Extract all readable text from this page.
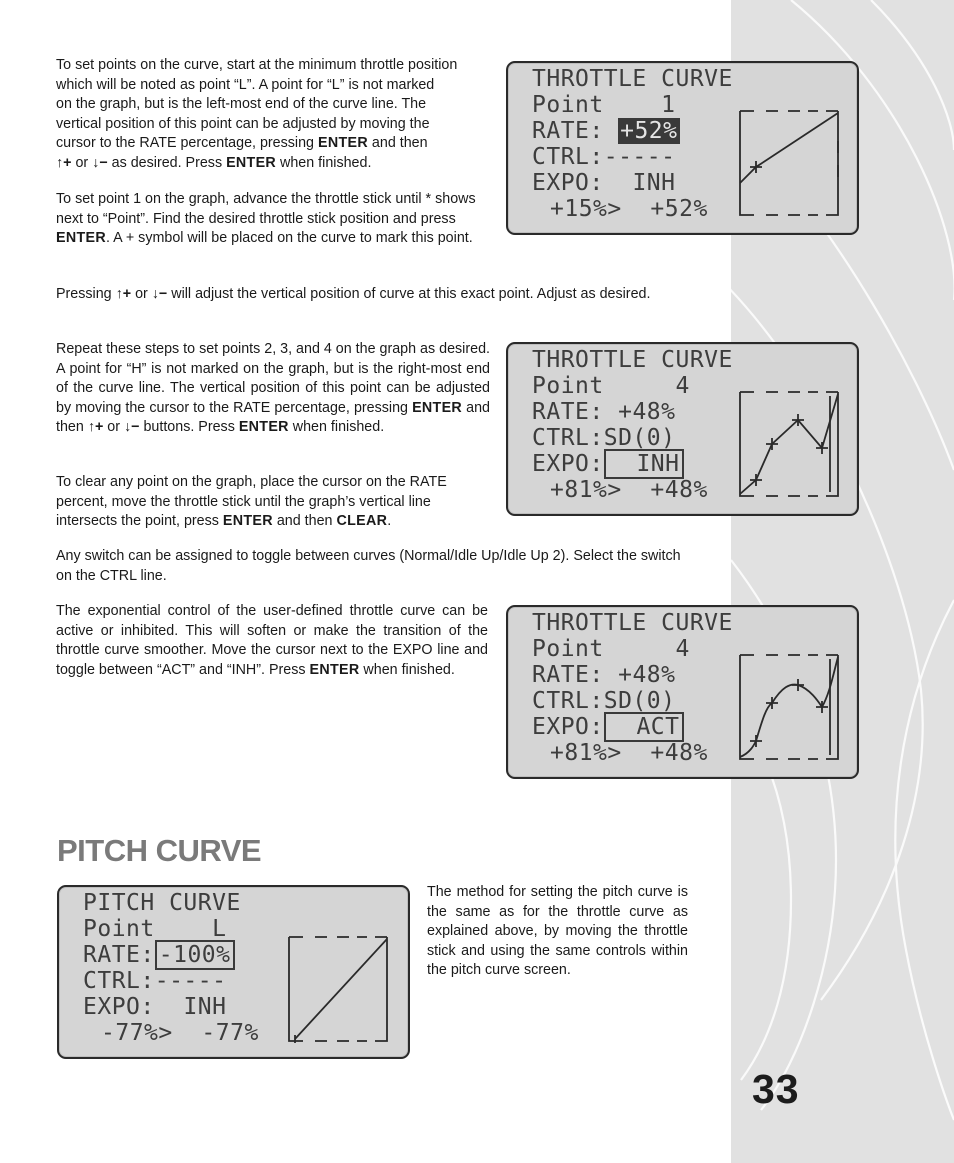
33

To set points on the curve, start at the minimum throttle position
which will be noted as point “L”. A point for “L” is not marked
on the graph, but is the left-most end of the curve line. The
vertical position of this point can be adjusted by moving the
cursor to the RATE percentage, pressing ENTER and then
↑+ or ↓− as desired. Press ENTER when finished.

To set point 1 on the graph, advance the throttle stick until * shows next to “Point”. Find the desired throttle stick position and press ENTER. A + symbol will be placed on the curve to mark this point.

Pressing ↑+ or ↓− will adjust the vertical position of curve at this exact point. Adjust as desired.

Repeat these steps to set points 2, 3, and 4 on the graph as desired. A point for “H” is not marked on the graph, but is the right-most end of the curve line. The vertical position of this point can be adjusted by moving the cursor to the RATE percentage, pressing ENTER and then ↑+ or ↓− buttons. Press ENTER when finished.

To clear any point on the graph, place the cursor on the RATE percent, move the throttle stick until the graph’s vertical line intersects the point, press ENTER and then CLEAR.

Any switch can be assigned to toggle between curves (Normal/Idle Up/Idle Up 2). Select the switch on the CTRL line.

The exponential control of the user-defined throttle curve can be active or inhibited. This will soften or make the transition of the throttle curve smoother. Move the cursor next to the EXPO line and toggle between “ACT” and “INH”. Press ENTER when finished.

PITCH CURVE

The method for setting the pitch curve is the same as for the throttle curve as explained above, by moving the throttle stick and using the same controls within the pitch curve screen.

THROTTLE CURVE
Point 1
RATE: +52%
CTRL:-----
EXPO: INH
+15%>  +52%
THROTTLE CURVE
Point	4
RATE: +48%
CTRL:SD(0)
EXPO: INH
+81%>  +48%
THROTTLE CURVE
Point	4
RATE: +48%
CTRL:SD(0)
EXPO: ACT
+81%>  +48%
PITCH CURVE
Point L
RATE: -100%
CTRL:-----
EXPO: INH
-77%>  -77%
